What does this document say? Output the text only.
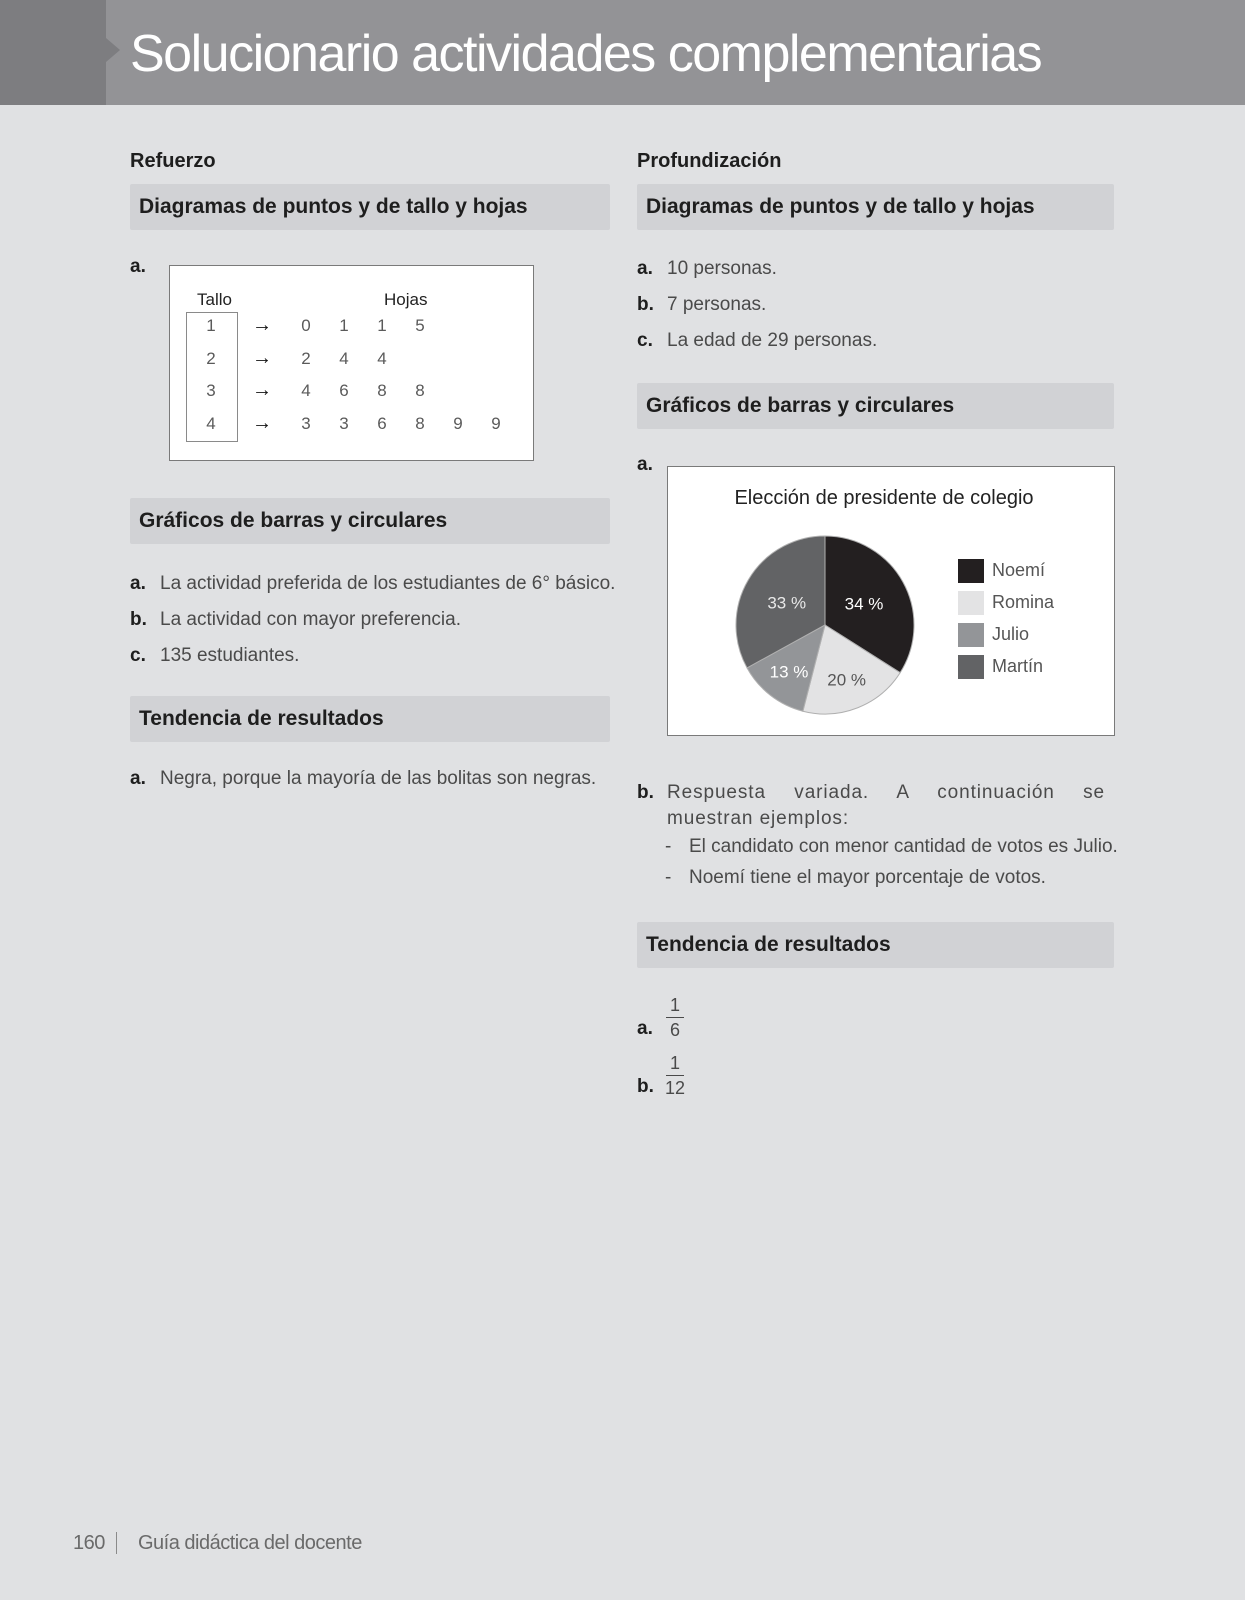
Solucionario actividades complementarias
Refuerzo
Diagramas de puntos y de tallo y hojas
a.
Tallo	Hojas
1	→	0	1	1	5
2	→	2	4	4
3	→	4	6	8	8
4	→	3	3	6	8	9	9
Gráficos de barras y circulares
a. La actividad preferida de los estudiantes de 6° básico.
b. La actividad con mayor preferencia.
c. 135 estudiantes.
Tendencia de resultados
a. Negra, porque la mayoría de las bolitas son negras.
Profundización
Diagramas de puntos y de tallo y hojas
a. 10 personas.
b. 7 personas.
c. La edad de 29 personas.
Gráficos de barras y circulares
a.
Elección de presidente de colegio
34 %
20 %
13 %
33 %
Noemí
Romina
Julio
Martín
b. Respuesta variada. A continuación se muestran ejemplos:
- El candidato con menor cantidad de votos es Julio.
- Noemí tiene el mayor porcentaje de votos.
Tendencia de resultados
a.
1
6
b.
1
12
160 Guía didáctica del docente
